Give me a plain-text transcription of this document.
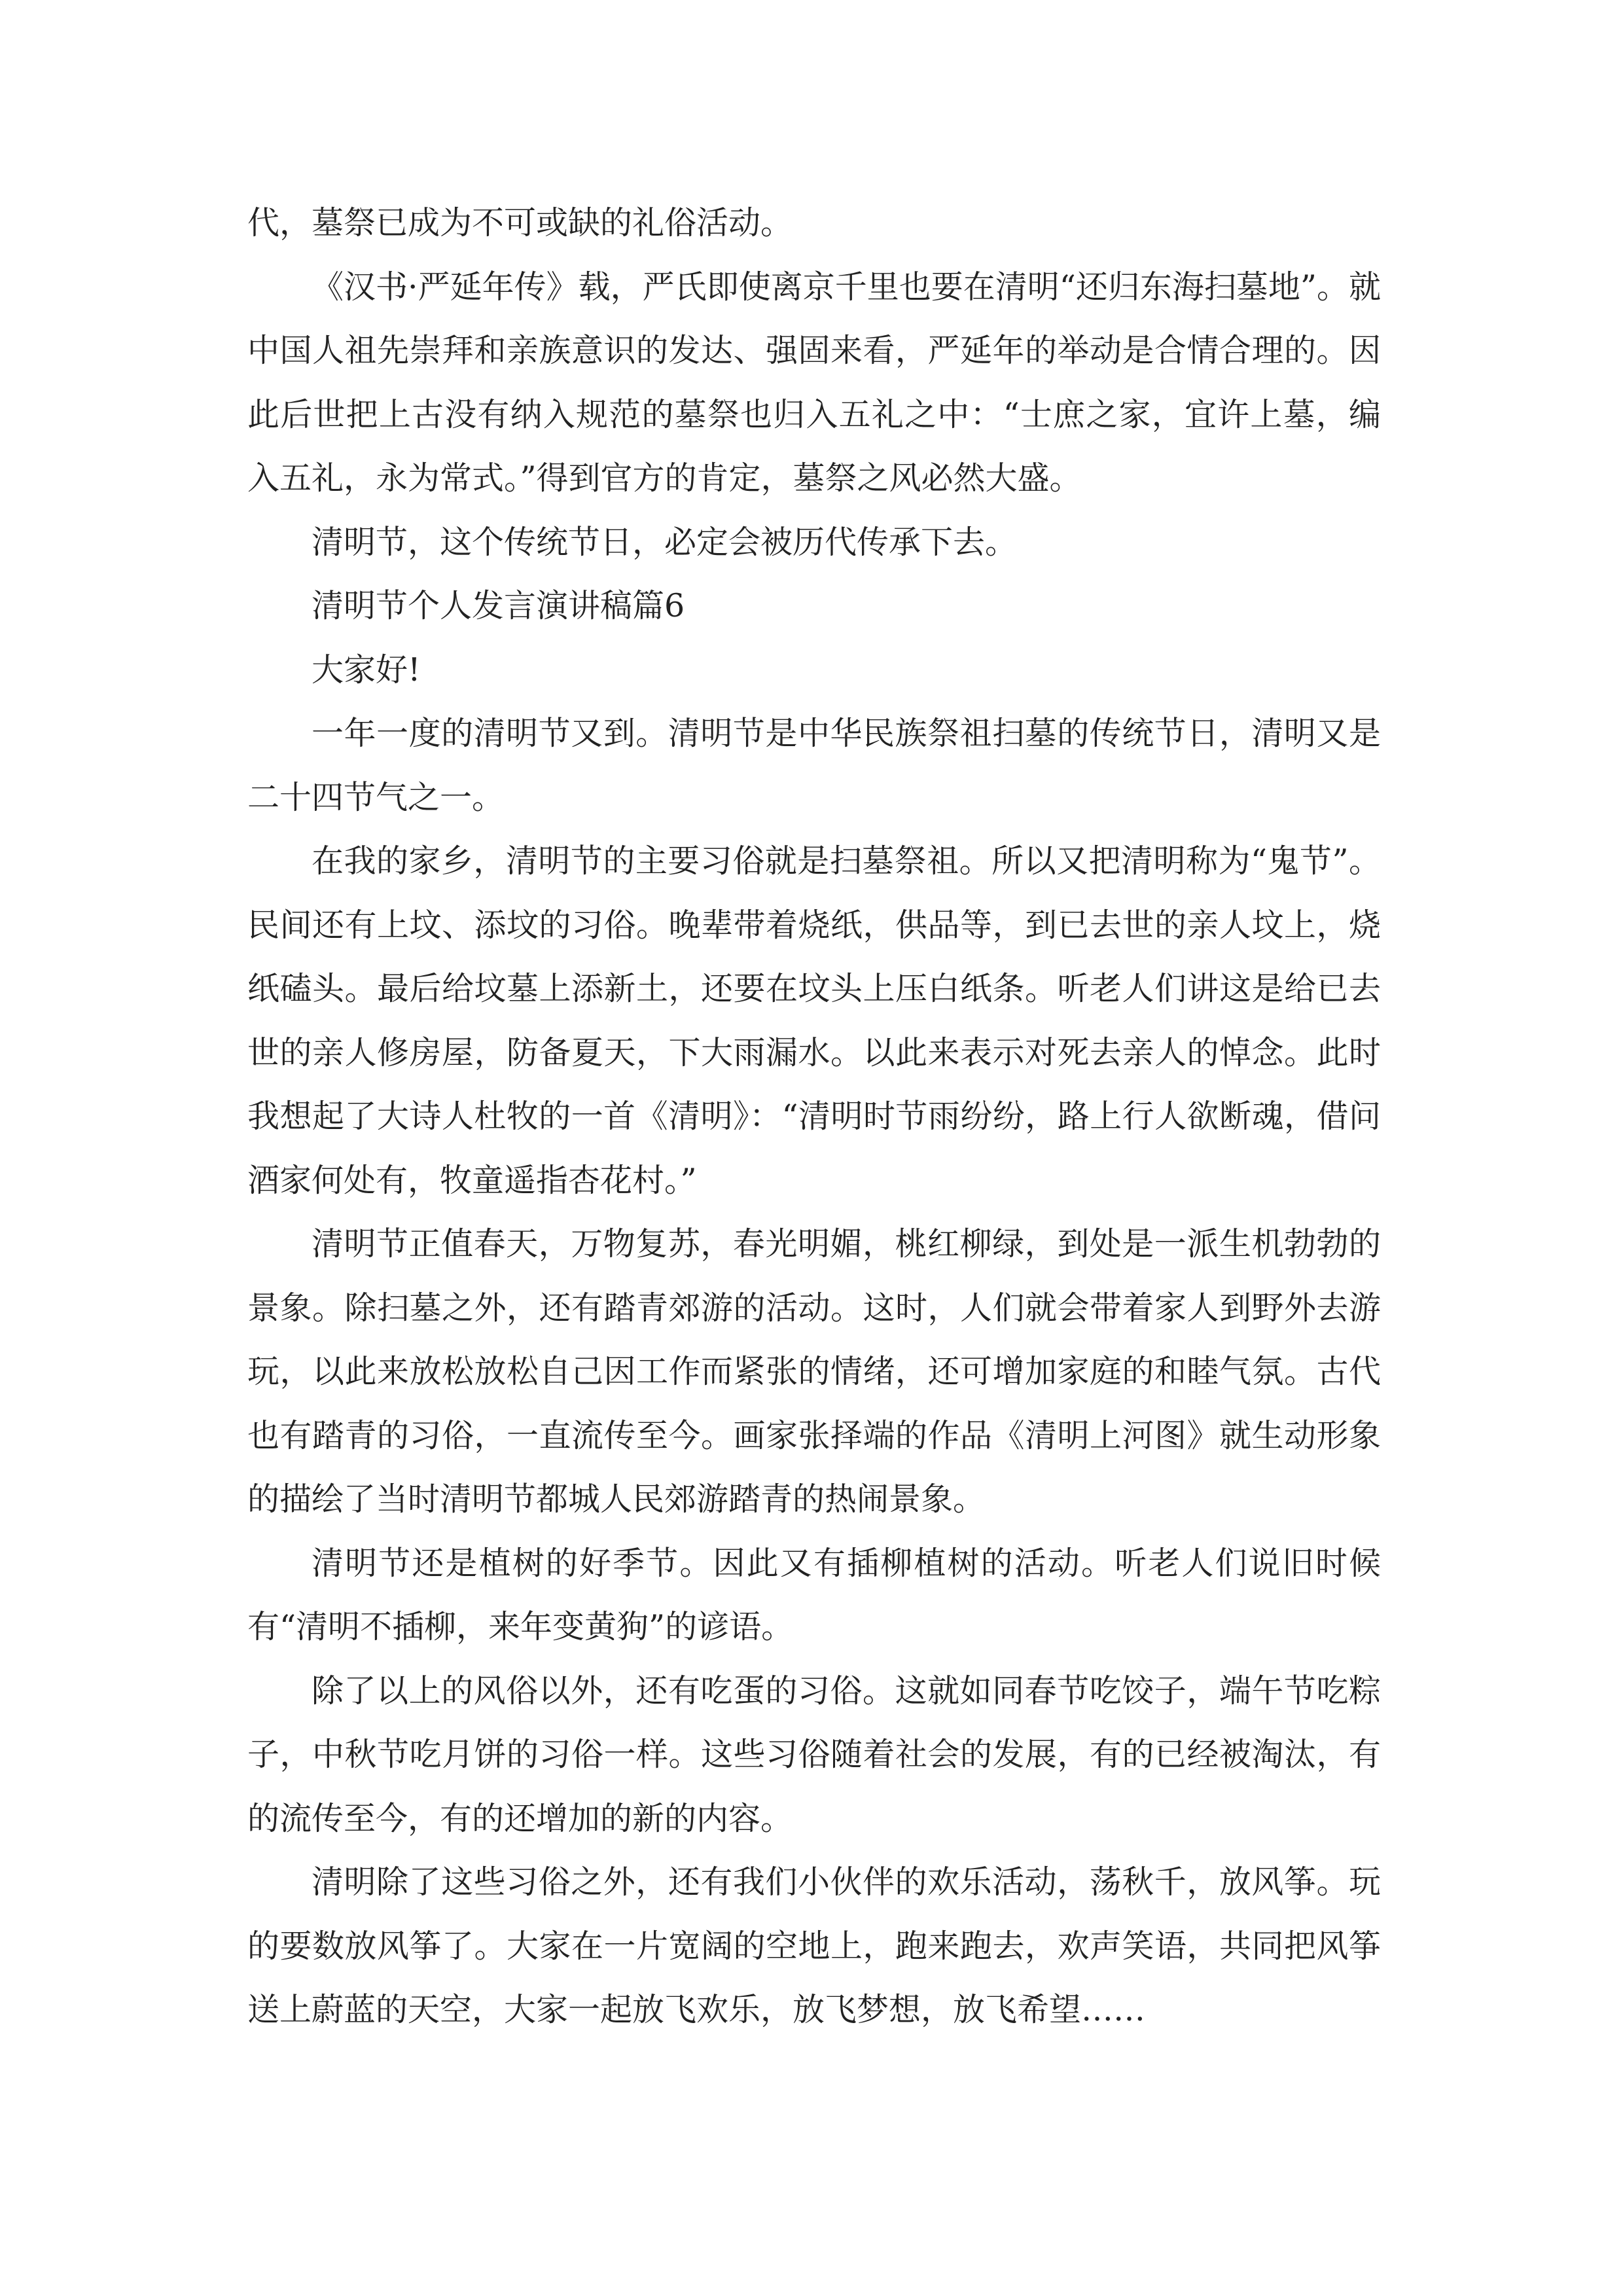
代，墓祭已成为不可或缺的礼俗活动。

《汉书·严延年传》载，严氏即使离京千里也要在清明“还归东海扫墓地”。就中国人祖先崇拜和亲族意识的发达、强固来看，严延年的举动是合情合理的。因此后世把上古没有纳入规范的墓祭也归入五礼之中：“士庶之家，宜许上墓，编入五礼，永为常式。”得到官方的肯定，墓祭之风必然大盛。

清明节，这个传统节日，必定会被历代传承下去。

清明节个人发言演讲稿篇6

大家好!

一年一度的清明节又到。清明节是中华民族祭祖扫墓的传统节日，清明又是二十四节气之一。

在我的家乡，清明节的主要习俗就是扫墓祭祖。所以又把清明称为“鬼节”。民间还有上坟、添坟的习俗。晚辈带着烧纸，供品等，到已去世的亲人坟上，烧纸磕头。最后给坟墓上添新土，还要在坟头上压白纸条。听老人们讲这是给已去世的亲人修房屋，防备夏天，下大雨漏水。以此来表示对死去亲人的悼念。此时我想起了大诗人杜牧的一首《清明》：“清明时节雨纷纷，路上行人欲断魂，借问酒家何处有，牧童遥指杏花村。”

清明节正值春天，万物复苏，春光明媚，桃红柳绿，到处是一派生机勃勃的景象。除扫墓之外，还有踏青郊游的活动。这时，人们就会带着家人到野外去游玩，以此来放松放松自己因工作而紧张的情绪，还可增加家庭的和睦气氛。古代也有踏青的习俗，一直流传至今。画家张择端的作品《清明上河图》就生动形象的描绘了当时清明节都城人民郊游踏青的热闹景象。

清明节还是植树的好季节。因此又有插柳植树的活动。听老人们说旧时候有“清明不插柳，来年变黄狗”的谚语。

除了以上的风俗以外，还有吃蛋的习俗。这就如同春节吃饺子，端午节吃粽子，中秋节吃月饼的习俗一样。这些习俗随着社会的发展，有的已经被淘汰，有的流传至今，有的还增加的新的内容。

清明除了这些习俗之外，还有我们小伙伴的欢乐活动，荡秋千，放风筝。玩的要数放风筝了。大家在一片宽阔的空地上，跑来跑去，欢声笑语，共同把风筝送上蔚蓝的天空，大家一起放飞欢乐，放飞梦想，放飞希望……
